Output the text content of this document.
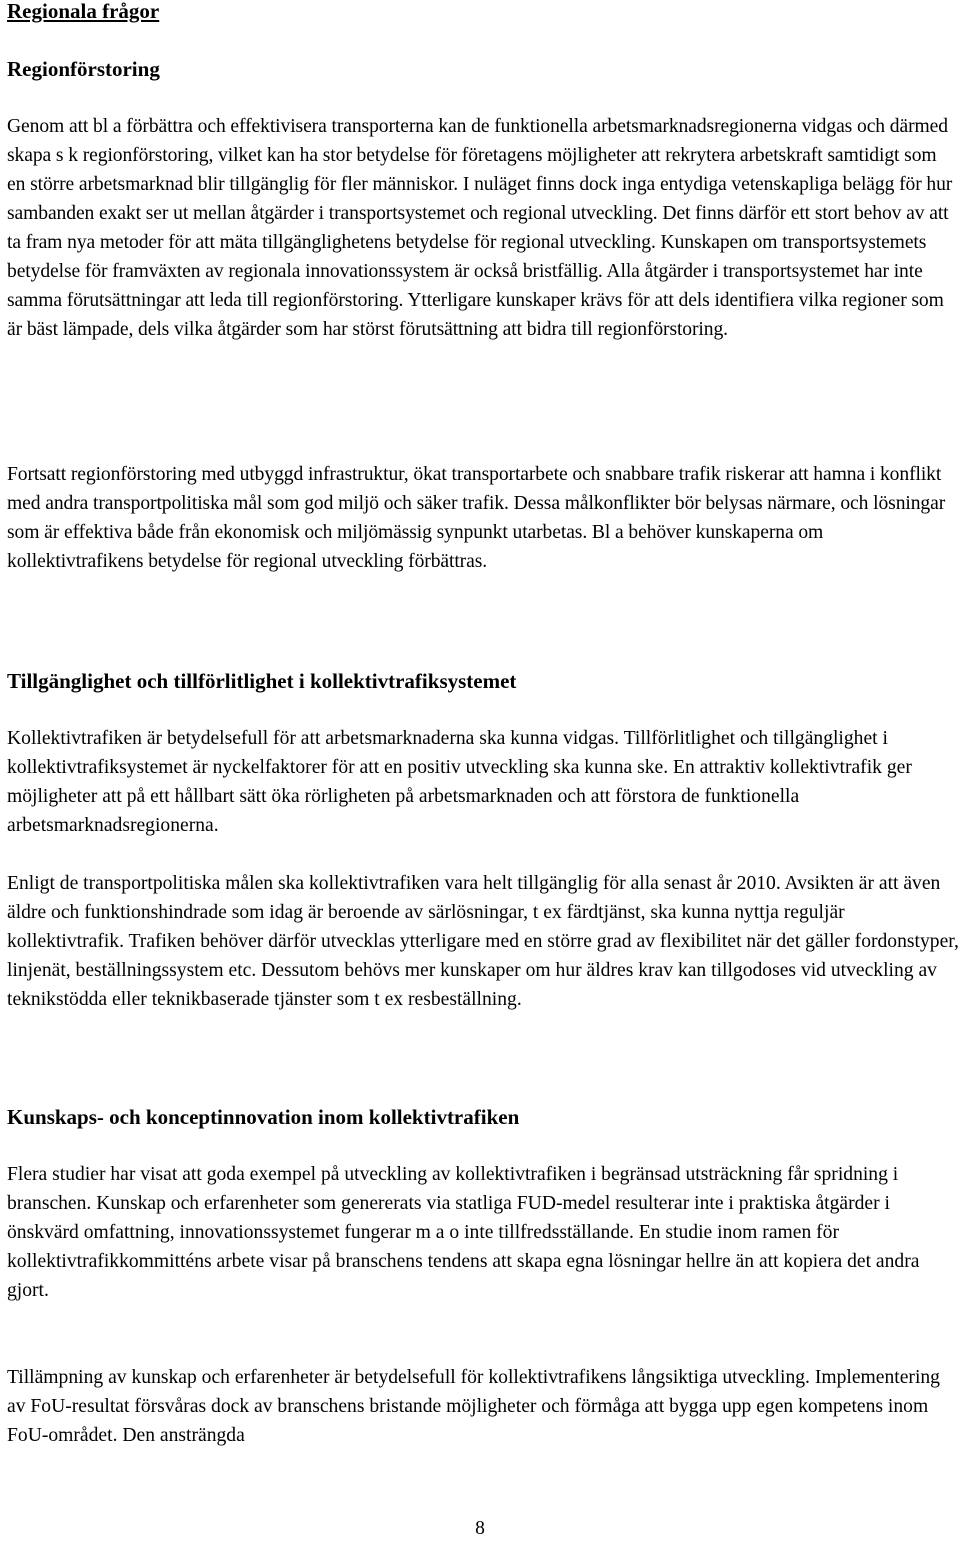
Regionala frågor
Regionförstoring

Genom att bl a förbättra och effektivisera transporterna kan de funktionella arbetsmarknadsregionerna vidgas och därmed skapa s k regionförstoring, vilket kan ha stor betydelse för företagens möjligheter att rekrytera arbetskraft samtidigt som en större arbetsmarknad blir tillgänglig för fler människor. I nuläget finns dock inga entydiga vetenskapliga belägg för hur sambanden exakt ser ut mellan åtgärder i transportsystemet och regional utveckling. Det finns därför ett stort behov av att ta fram nya metoder för att mäta tillgänglighetens betydelse för regional utveckling. Kunskapen om transportsystemets betydelse för framväxten av regionala innovationssystem är också bristfällig. Alla åtgärder i transportsystemet har inte samma förutsättningar att leda till regionförstoring. Ytterligare kunskaper krävs för att dels identifiera vilka regioner som är bäst lämpade, dels vilka åtgärder som har störst förutsättning att bidra till regionförstoring.

Fortsatt regionförstoring med utbyggd infrastruktur, ökat transportarbete och snabbare trafik riskerar att hamna i konflikt med andra transportpolitiska mål som god miljö och säker trafik. Dessa målkonflikter bör belysas närmare, och lösningar som är effektiva både från ekonomisk och miljömässig synpunkt utarbetas. Bl a behöver kunskaperna om kollektivtrafikens betydelse för regional utveckling förbättras.

Tillgänglighet och tillförlitlighet i kollektivtrafiksystemet

Kollektivtrafiken är betydelsefull för att arbetsmarknaderna ska kunna vidgas. Tillförlitlighet och tillgänglighet i kollektivtrafiksystemet är nyckelfaktorer för att en positiv utveckling ska kunna ske. En attraktiv kollektivtrafik ger möjligheter att på ett hållbart sätt öka rörligheten på arbetsmarknaden och att förstora de funktionella arbetsmarknadsregionerna.

Enligt de transportpolitiska målen ska kollektivtrafiken vara helt tillgänglig för alla senast år 2010. Avsikten är att även äldre och funktionshindrade som idag är beroende av särlösningar, t ex färdtjänst, ska kunna nyttja reguljär kollektivtrafik. Trafiken behöver därför utvecklas ytterligare med en större grad av flexibilitet när det gäller fordonstyper, linjenät, beställningssystem etc. Dessutom behövs mer kunskaper om hur äldres krav kan tillgodoses vid utveckling av teknikstödda eller teknikbaserade tjänster som t ex resbeställning.

Kunskaps- och konceptinnovation inom kollektivtrafiken

Flera studier har visat att goda exempel på utveckling av kollektivtrafiken i begränsad utsträckning får spridning i branschen. Kunskap och erfarenheter som genererats via statliga FUD-medel resulterar inte i praktiska åtgärder i önskvärd omfattning, innovationssystemet fungerar m a o inte tillfredsställande. En studie inom ramen för kollektivtrafikkommitténs arbete visar på branschens tendens att skapa egna lösningar hellre än att kopiera det andra gjort.

Tillämpning av kunskap och erfarenheter är betydelsefull för kollektivtrafikens långsiktiga utveckling. Implementering av FoU-resultat försvåras dock av branschens bristande möjligheter och förmåga att bygga upp egen kompetens inom FoU-området. Den ansträngda

8
